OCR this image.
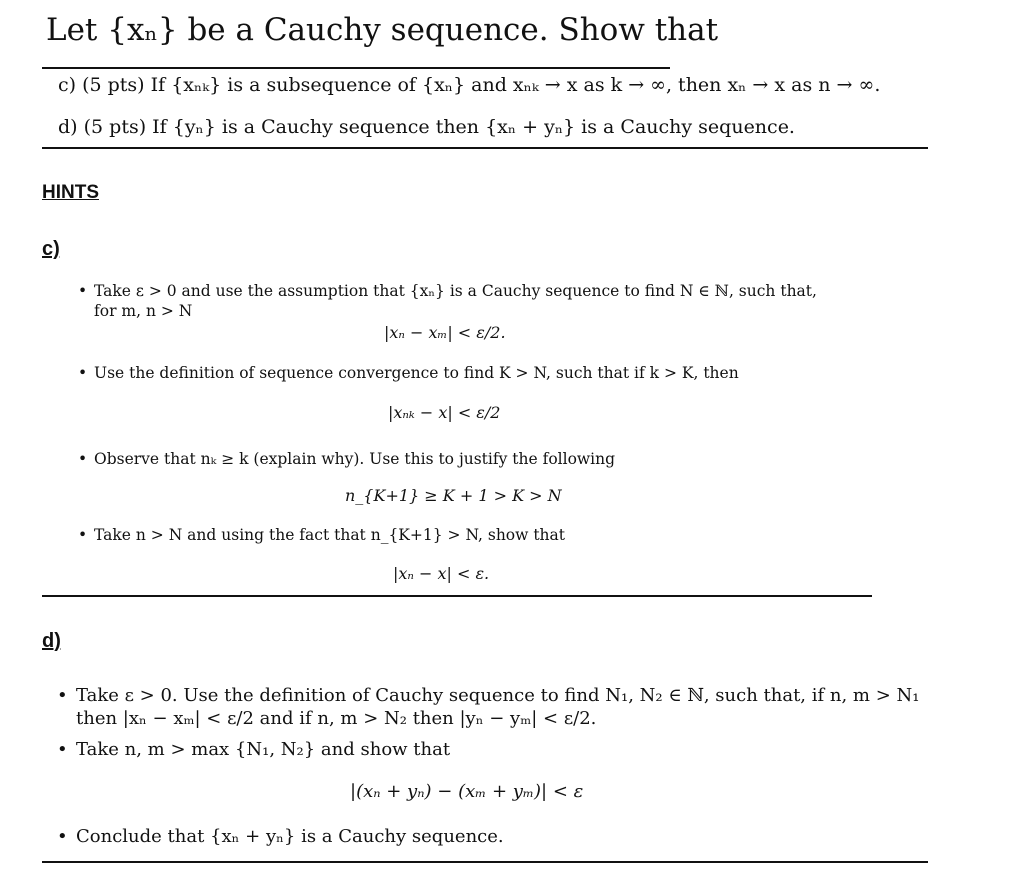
Let {xₙ} be a Cauchy sequence. Show that
c) (5 pts) If {xₙₖ} is a subsequence of {xₙ} and xₙₖ → x as k → ∞, then xₙ → x as n → ∞.
d) (5 pts) If {yₙ} is a Cauchy sequence then {xₙ + yₙ} is a Cauchy sequence.
HINTS
c)
• Take ε > 0 and use the assumption that {xₙ} is a Cauchy sequence to find N ∈ ℕ, such that,
for m, n > N
|xₙ − xₘ| < ε/2.
• Use the definition of sequence convergence to find K > N, such that if k > K, then
|xₙₖ − x| < ε/2
• Observe that nₖ ≥ k (explain why). Use this to justify the following
n_{K+1} ≥ K + 1 > K > N
• Take n > N and using the fact that n_{K+1} > N, show that
|xₙ − x| < ε.
d)
• Take ε > 0. Use the definition of Cauchy sequence to find N₁, N₂ ∈ ℕ, such that, if n, m > N₁
then |xₙ − xₘ| < ε/2 and if n, m > N₂ then |yₙ − yₘ| < ε/2.
• Take n, m > max {N₁, N₂} and show that
|(xₙ + yₙ) − (xₘ + yₘ)| < ε
• Conclude that {xₙ + yₙ} is a Cauchy sequence.
